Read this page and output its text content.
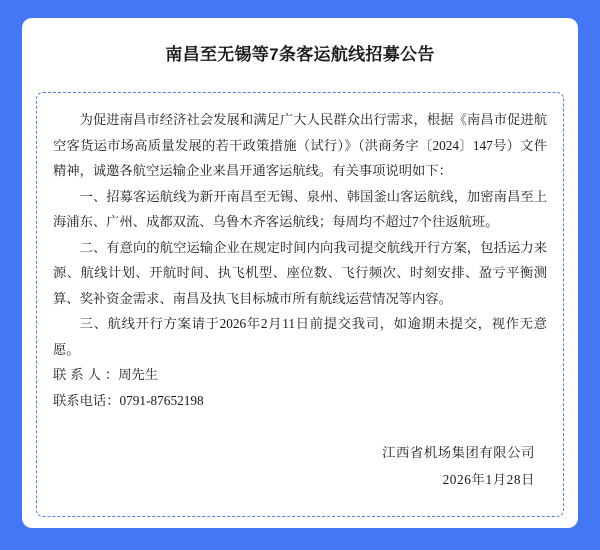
南昌至无锡等7条客运航线招募公告

为促进南昌市经济社会发展和满足广大人民群众出行需求，根据《南昌市促进航空客货运市场高质量发展的若干政策措施（试行）》（洪商务字〔2024〕147号）文件精神，诚邀各航空运输企业来昌开通客运航线。有关事项说明如下：

一、招募客运航线为新开南昌至无锡、泉州、韩国釜山客运航线，加密南昌至上海浦东、广州、成都双流、乌鲁木齐客运航线；每周均不超过7个往返航班。

二、有意向的航空运输企业在规定时间内向我司提交航线开行方案，包括运力来源、航线计划、开航时间、执飞机型、座位数、飞行频次、时刻安排、盈亏平衡测算、奖补资金需求、南昌及执飞目标城市所有航线运营情况等内容。

三、航线开行方案请于2026年2月11日前提交我司，如逾期未提交，视作无意愿。

联系人：周先生

联系电话：0791-87652198

江西省机场集团有限公司
2026年1月28日
